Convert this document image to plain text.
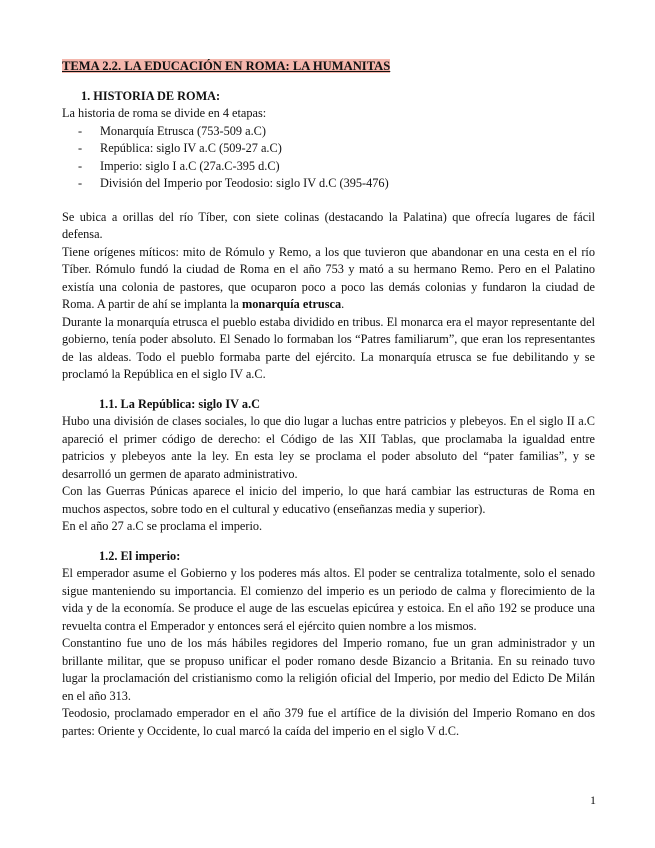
TEMA 2.2. LA EDUCACIÓN EN ROMA: LA HUMANITAS
1. HISTORIA DE ROMA:

La historia de roma se divide en 4 etapas:

- Monarquía Etrusca (753-509 a.C)
- República: siglo IV a.C (509-27 a.C)
- Imperio: siglo I a.C (27a.C-395 d.C)
- División del Imperio por Teodosio: siglo IV d.C (395-476)

Se ubica a orillas del río Tíber, con siete colinas (destacando la Palatina) que ofrecía lugares de fácil defensa.

Tiene orígenes míticos: mito de Rómulo y Remo, a los que tuvieron que abandonar en una cesta en el río Tíber. Rómulo fundó la ciudad de Roma en el año 753 y mató a su hermano Remo. Pero en el Palatino existía una colonia de pastores, que ocuparon poco a poco las demás colonias y fundaron la ciudad de Roma. A partir de ahí se implanta la monarquía etrusca.

Durante la monarquía etrusca el pueblo estaba dividido en tribus. El monarca era el mayor representante del gobierno, tenía poder absoluto. El Senado lo formaban los “Patres familiarum”, que eran los representantes de las aldeas. Todo el pueblo formaba parte del ejército. La monarquía etrusca se fue debilitando y se proclamó la República en el siglo IV a.C.

1.1. La República: siglo IV a.C

Hubo una división de clases sociales, lo que dio lugar a luchas entre patricios y plebeyos. En el siglo II a.C apareció el primer código de derecho: el Código de las XII Tablas, que proclamaba la igualdad entre patricios y plebeyos ante la ley. En esta ley se proclama el poder absoluto del “pater familias”, y se desarrolló un germen de aparato administrativo.

Con las Guerras Púnicas aparece el inicio del imperio, lo que hará cambiar las estructuras de Roma en muchos aspectos, sobre todo en el cultural y educativo (enseñanzas media y superior).

En el año 27 a.C se proclama el imperio.

1.2. El imperio:

El emperador asume el Gobierno y los poderes más altos. El poder se centraliza totalmente, solo el senado sigue manteniendo su importancia. El comienzo del imperio es un periodo de calma y florecimiento de la vida y de la economía. Se produce el auge de las escuelas epicúrea y estoica. En el año 192 se produce una revuelta contra el Emperador y entonces será el ejército quien nombre a los mismos.

Constantino fue uno de los más hábiles regidores del Imperio romano, fue un gran administrador y un brillante militar, que se propuso unificar el poder romano desde Bizancio a Britania. En su reinado tuvo lugar la proclamación del cristianismo como la religión oficial del Imperio, por medio del Edicto De Milán en el año 313.

Teodosio, proclamado emperador en el año 379 fue el artífice de la división del Imperio Romano en dos partes: Oriente y Occidente, lo cual marcó la caída del imperio en el siglo V d.C.

1
